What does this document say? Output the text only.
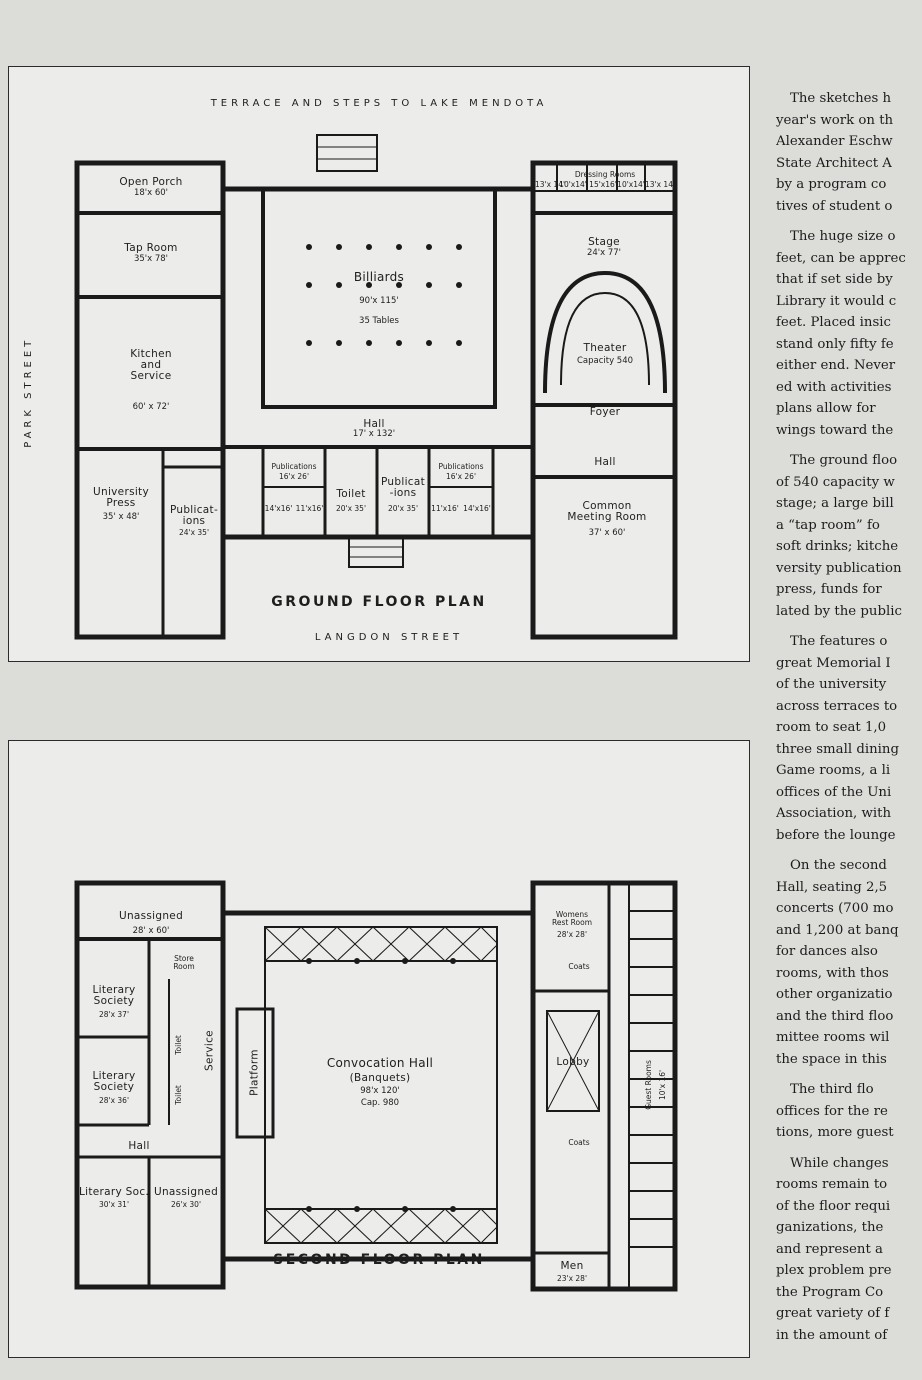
TERRACE AND STEPS TO LAKE MENDOTA
PARK STREET
LANGDON STREET
GROUND FLOOR PLAN
Open Porch
18'x 60'
Tap Room
35'x 78'
Kitchen
and
Service
60' x 72'
Billiards
90'x 115'
35 Tables
Hall
17' x 132'
Dressing Rooms
13'x 14'
10'x14' 15'x16' 10'x14' 13'x 14'
Stage
24'x 77'
Theater
Capacity 540
Foyer
Hall
Common
Meeting Room
37' x 60'
University
Press
35' x 48'
Publicat-
ions
24'x 35'
Publications
16'x 26'
14'x16' 11'x16'
Toilet
20'x 35'
Publicat
-ions
20'x 35'
Publications
16'x 26'
11'x16' 14'x16'
SECOND FLOOR PLAN
Unassigned
28' x 60'
Literary
Society
28'x 37'
Literary
Society
28'x 36'
Store
Room
Service
Toilet
Toilet	Platform	Convocation Hall
(Banquets)
98'x 120'
Cap. 980
Hall
Literary Soc.
30'x 31'
Unassigned
26'x 30'
Womens
Rest Room
28'x 28'
Coats
Lobby
Coats
Guest Rooms 10'x 16'
Men
23'x 28'

The sketches h

year's work on th

Alexander Eschw

State Architect A

by a program co

tives of student o

The huge size o

feet, can be apprec

that if set side by

Library it would c

feet. Placed insic

stand only fifty fe

either end. Never

ed with activities

plans allow for

wings toward the

The ground floo

of 540 capacity w

stage; a large bill

a “tap room” fo

soft drinks; kitche

versity publication

press, funds for

lated by the public

The features o

great Memorial I

of the university

across terraces to

room to seat 1,0

three small dining

Game rooms, a li

offices of the Uni

Association, with

before the lounge

On the second

Hall, seating 2,5

concerts (700 mo

and 1,200 at banq

for dances also

rooms, with thos

other organizatio

and the third floo

mittee rooms wil

the space in this

The third flo

offices for the re

tions, more guest

While changes

rooms remain to

of the floor requi

ganizations, the

and represent a

plex problem pre

the Program Co

great variety of f

in the amount of
